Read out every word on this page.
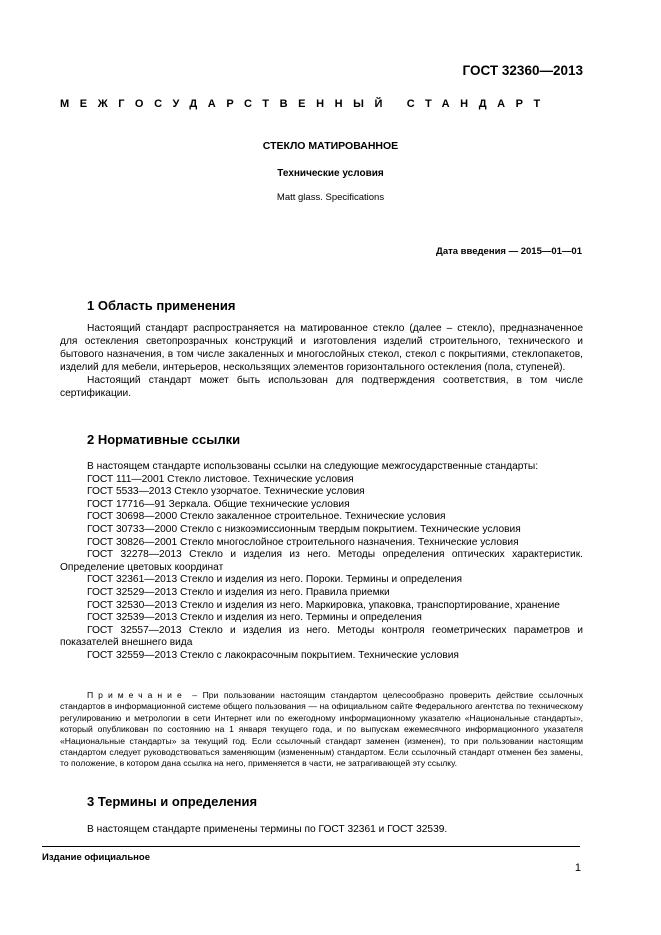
ГОСТ 32360—2013
МЕЖГОСУДАРСТВЕННЫЙ СТАНДАРТ
СТЕКЛО МАТИРОВАННОЕ
Технические условия
Matt glass. Specifications
Дата введения — 2015—01—01
1 Область применения

Настоящий стандарт распространяется на матированное стекло (далее – стекло), предназначенное для остекления светопрозрачных конструкций и изготовления изделий строительного, технического и бытового назначения, в том числе закаленных и многослойных стекол, стекол с покрытиями, стеклопакетов, изделий для мебели, интерьеров, нескользящих элементов горизонтального остекления (пола, ступеней).

Настоящий стандарт может быть использован для подтверждения соответствия, в том числе сертификации.

2 Нормативные ссылки
В настоящем стандарте использованы ссылки на следующие межгосударственные стандарты:
ГОСТ 111—2001 Стекло листовое. Технические условия
ГОСТ 5533—2013 Стекло узорчатое. Технические условия
ГОСТ 17716—91 Зеркала. Общие технические условия
ГОСТ 30698—2000 Стекло закаленное строительное. Технические условия
ГОСТ 30733—2000 Стекло с низкоэмиссионным твердым покрытием. Технические условия
ГОСТ 30826—2001 Стекло многослойное строительного назначения. Технические условия
ГОСТ 32278—2013 Стекло и изделия из него. Методы определения оптических характеристик. Определение цветовых координат
ГОСТ 32361—2013 Стекло и изделия из него. Пороки. Термины и определения
ГОСТ 32529—2013 Стекло и изделия из него. Правила приемки
ГОСТ 32530—2013 Стекло и изделия из него. Маркировка, упаковка, транспортирование, хранение
ГОСТ 32539—2013 Стекло и изделия из него. Термины и определения
ГОСТ 32557—2013 Стекло и изделия из него. Методы контроля геометрических параметров и показателей внешнего вида
ГОСТ 32559—2013 Стекло с лакокрасочным покрытием. Технические условия
Примечание – При пользовании настоящим стандартом целесообразно проверить действие ссылочных стандартов в информационной системе общего пользования — на официальном сайте Федерального агентства по техническому регулированию и метрологии в сети Интернет или по ежегодному информационному указателю «Национальные стандарты», который опубликован по состоянию на 1 января текущего года, и по выпускам ежемесячного информационного указателя «Национальные стандарты» за текущий год. Если ссылочный стандарт заменен (изменен), то при пользовании настоящим стандартом следует руководствоваться заменяющим (измененным) стандартом. Если ссылочный стандарт отменен без замены, то положение, в котором дана ссылка на него, применяется в части, не затрагивающей эту ссылку.
3 Термины и определения
В настоящем стандарте применены термины по ГОСТ 32361 и ГОСТ 32539.
Издание официальное
1
